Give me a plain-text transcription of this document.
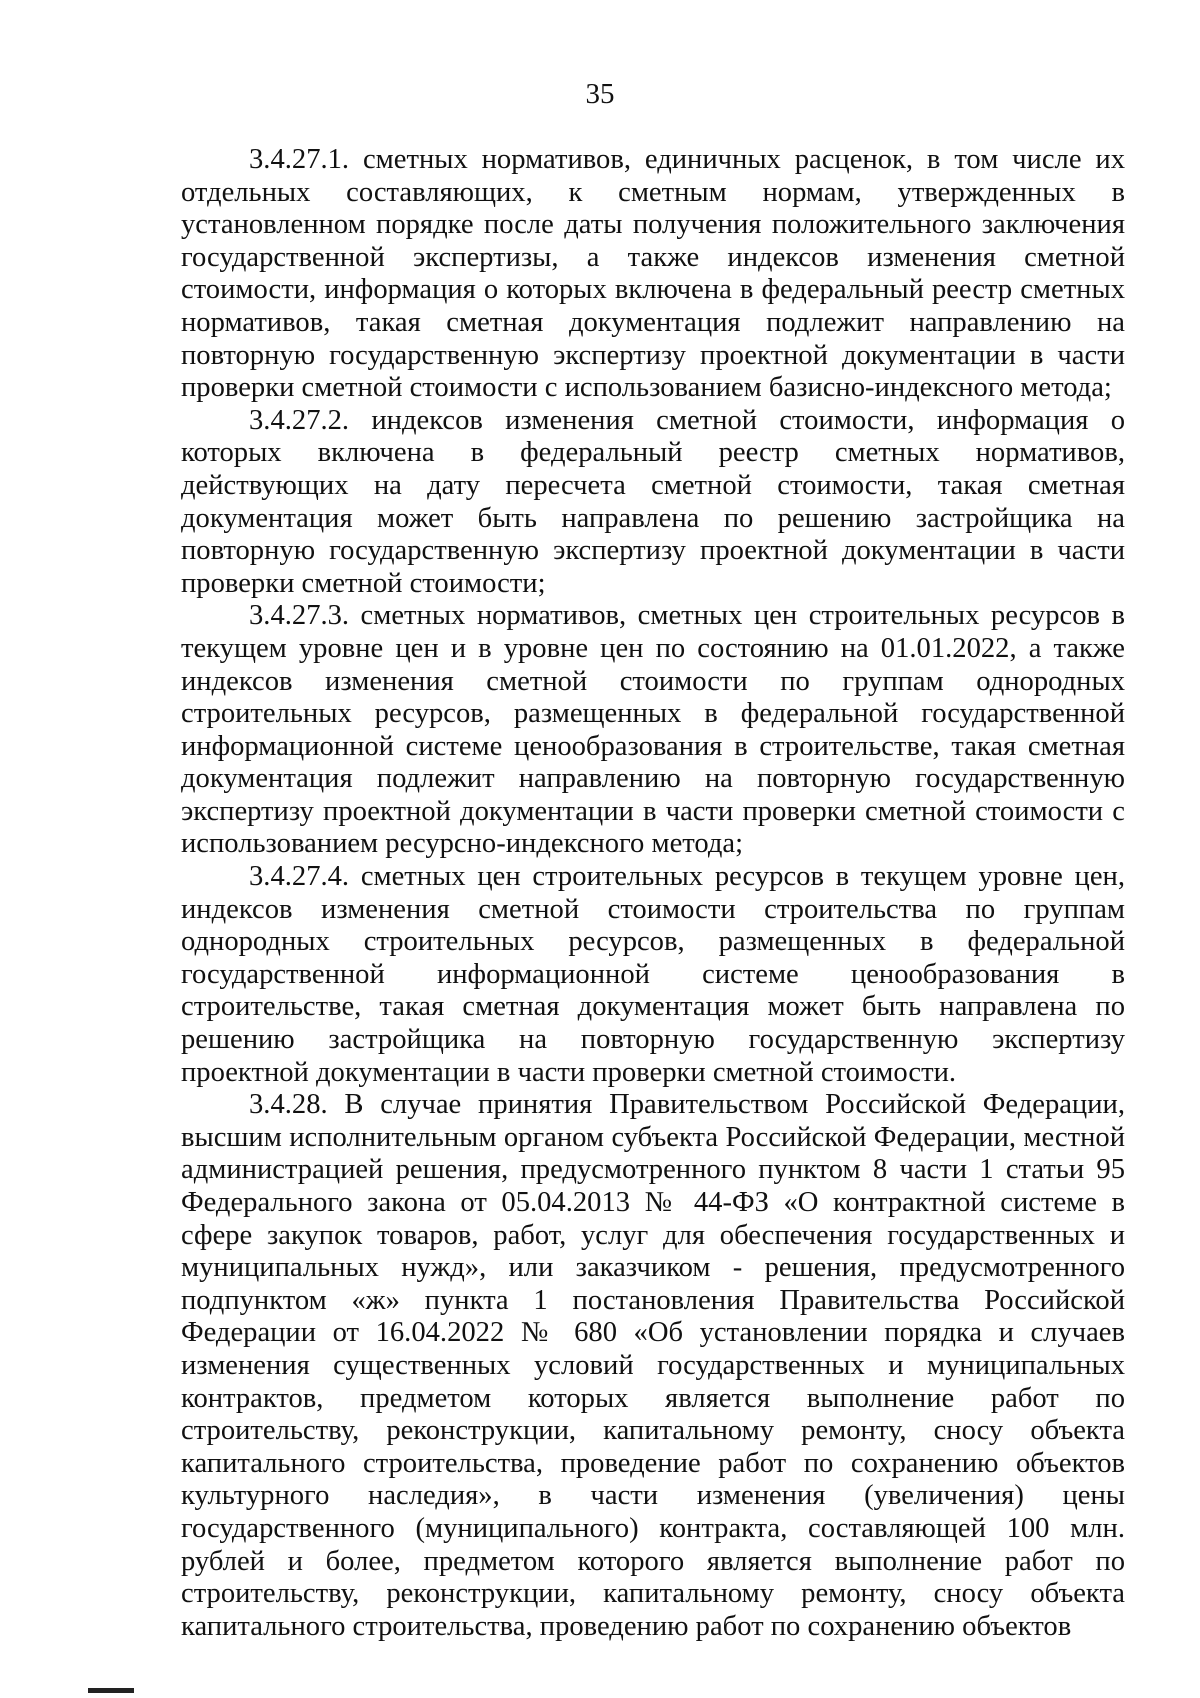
35

3.4.27.1. сметных нормативов, единичных расценок, в том числе их отдельных составляющих, к сметным нормам, утвержденных в установленном порядке после даты получения положительного заключения государственной экспертизы, а также индексов изменения сметной стоимости, информация о которых включена в федеральный реестр сметных нормативов, такая сметная документация подлежит направлению на повторную государственную экспертизу проектной документации в части проверки сметной стоимости с использованием базисно-индексного метода;

3.4.27.2. индексов изменения сметной стоимости, информация о которых включена в федеральный реестр сметных нормативов, действующих на дату пересчета сметной стоимости, такая сметная документация может быть направлена по решению застройщика на повторную государственную экспертизу проектной документации в части проверки сметной стоимости;

3.4.27.3. сметных нормативов, сметных цен строительных ресурсов в текущем уровне цен и в уровне цен по состоянию на 01.01.2022, а также индексов изменения сметной стоимости по группам однородных строительных ресурсов, размещенных в федеральной государственной информационной системе ценообразования в строительстве, такая сметная документация подлежит направлению на повторную государственную экспертизу проектной документации в части проверки сметной стоимости с использованием ресурсно-индексного метода;

3.4.27.4. сметных цен строительных ресурсов в текущем уровне цен, индексов изменения сметной стоимости строительства по группам однородных строительных ресурсов, размещенных в федеральной государственной информационной системе ценообразования в строительстве, такая сметная документация может быть направлена по решению застройщика на повторную государственную экспертизу проектной документации в части проверки сметной стоимости.

3.4.28. В случае принятия Правительством Российской Федерации, высшим исполнительным органом субъекта Российской Федерации, местной администрацией решения, предусмотренного пунктом 8 части 1 статьи 95 Федерального закона от 05.04.2013 № 44-ФЗ «О контрактной системе в сфере закупок товаров, работ, услуг для обеспечения государственных и муниципальных нужд», или заказчиком - решения, предусмотренного подпунктом «ж» пункта 1 постановления Правительства Российской Федерации от 16.04.2022 № 680 «Об установлении порядка и случаев изменения существенных условий государственных и муниципальных контрактов, предметом которых является выполнение работ по строительству, реконструкции, капитальному ремонту, сносу объекта капитального строительства, проведение работ по сохранению объектов культурного наследия», в части изменения (увеличения) цены государственного (муниципального) контракта, составляющей 100 млн. рублей и более, предметом которого является выполнение работ по строительству, реконструкции, капитальному ремонту, сносу объекта капитального строительства, проведению работ по сохранению объектов
